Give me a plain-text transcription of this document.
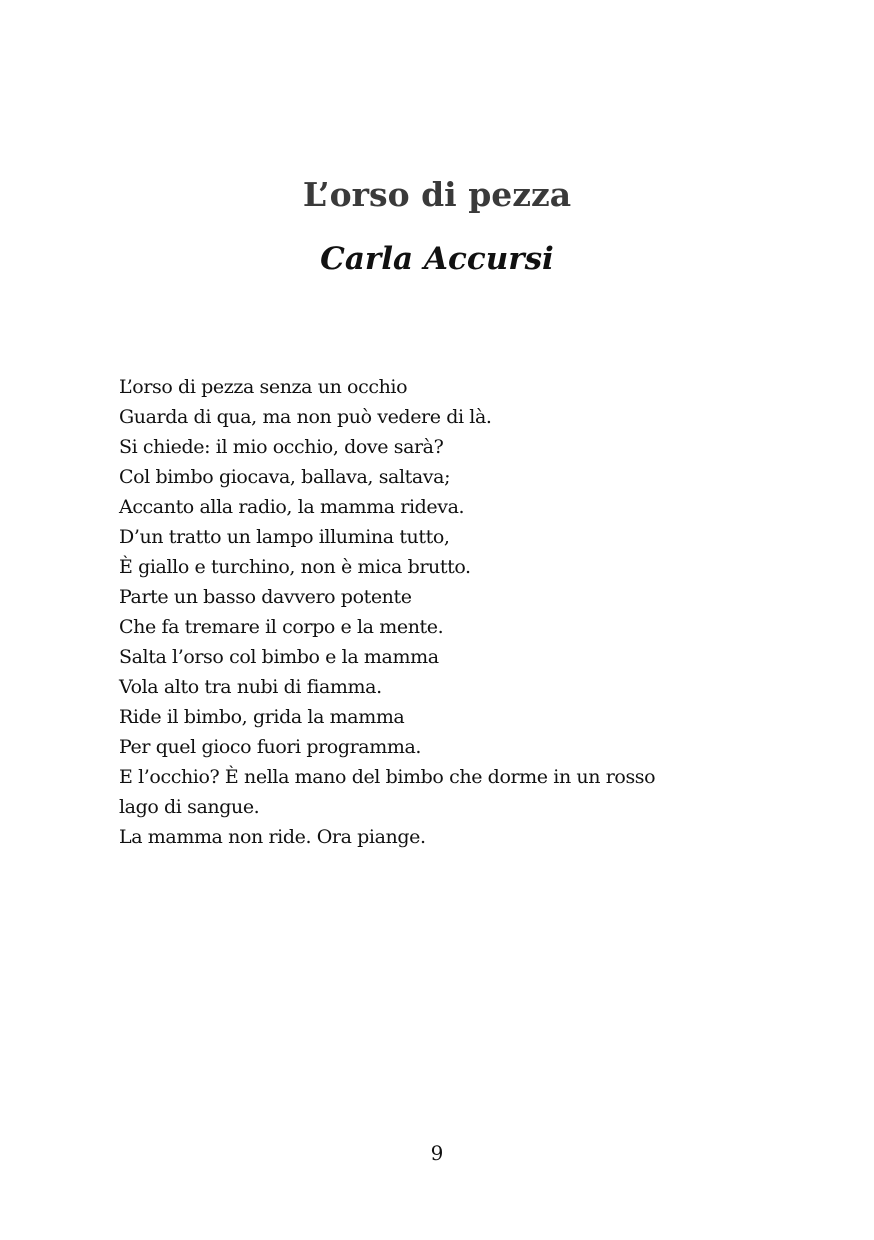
L’orso di pezza
Carla Accursi
L’orso di pezza senza un occhio
Guarda di qua, ma non può vedere di là.
Si chiede: il mio occhio, dove sarà?
Col bimbo giocava, ballava, saltava;
Accanto alla radio, la mamma rideva.
D’un tratto un lampo illumina tutto,
È giallo e turchino, non è mica brutto.
Parte un basso davvero potente
Che fa tremare il corpo e la mente.
Salta l’orso col bimbo e la mamma
Vola alto tra nubi di fiamma.
Ride il bimbo, grida la mamma
Per quel gioco fuori programma.
E l’occhio? È nella mano del bimbo che dorme in un rosso
lago di sangue.
La mamma non ride. Ora piange.
9
